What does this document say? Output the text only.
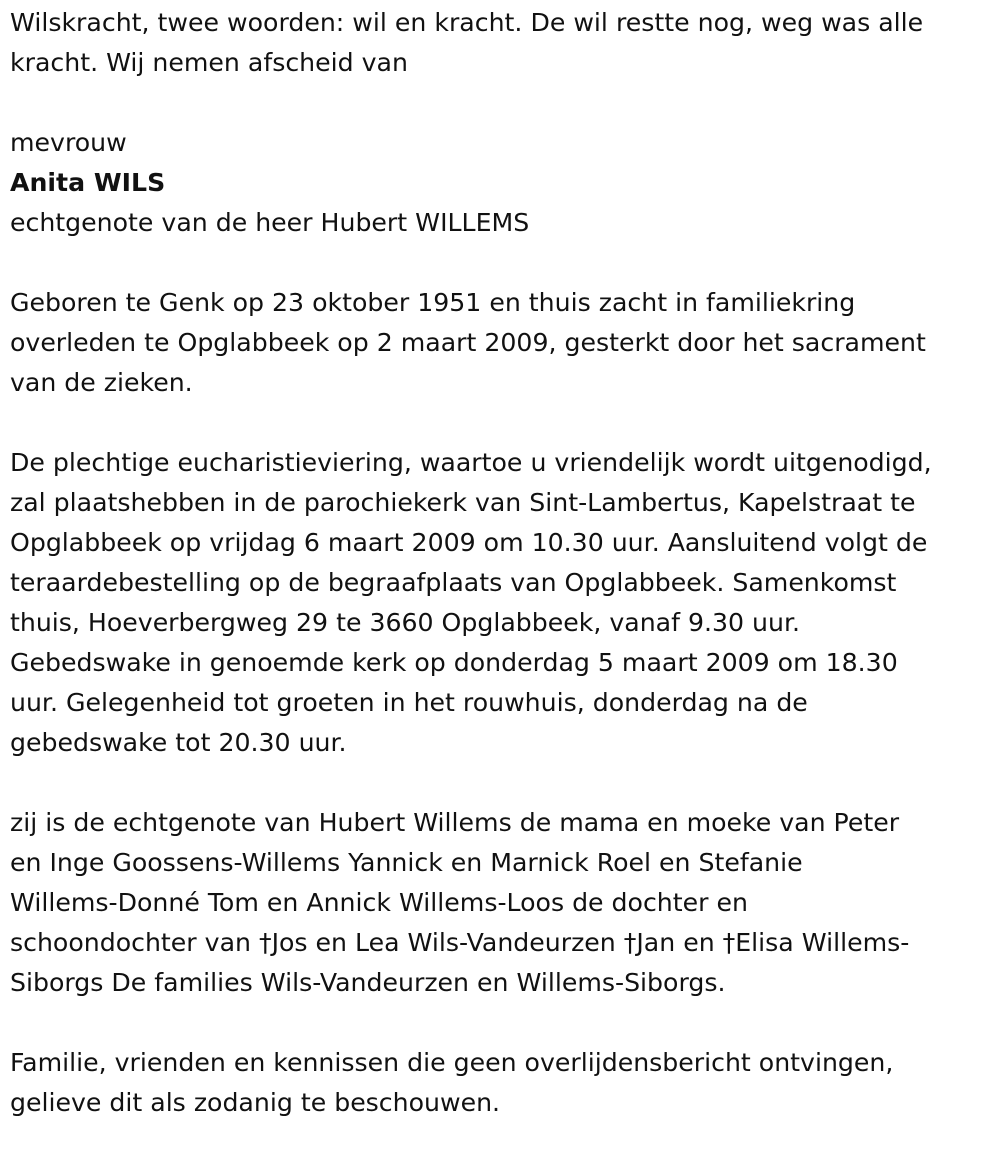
Wilskracht, twee woorden: wil en kracht. De wil restte nog, weg was alle
kracht. Wij nemen afscheid van

mevrouw

Anita WILS

echtgenote van de heer Hubert WILLEMS

Geboren te Genk op 23 oktober 1951 en thuis zacht in familiekring
overleden te Opglabbeek op 2 maart 2009, gesterkt door het sacrament
van de zieken.

De plechtige eucharistieviering, waartoe u vriendelijk wordt uitgenodigd,
zal plaatshebben in de parochiekerk van Sint-Lambertus, Kapelstraat te
Opglabbeek op vrijdag 6 maart 2009 om 10.30 uur. Aansluitend volgt de
teraardebestelling op de begraafplaats van Opglabbeek. Samenkomst
thuis, Hoeverbergweg 29 te 3660 Opglabbeek, vanaf 9.30 uur.
Gebedswake in genoemde kerk op donderdag 5 maart 2009 om 18.30
uur. Gelegenheid tot groeten in het rouwhuis, donderdag na de
gebedswake tot 20.30 uur.

zij is de echtgenote van Hubert Willems de mama en moeke van Peter
en Inge Goossens-Willems Yannick en Marnick Roel en Stefanie
Willems-Donné Tom en Annick Willems-Loos de dochter en
schoondochter van †Jos en Lea Wils-Vandeurzen †Jan en †Elisa Willems-
Siborgs De families Wils-Vandeurzen en Willems-Siborgs.

Familie, vrienden en kennissen die geen overlijdensbericht ontvingen,
gelieve dit als zodanig te beschouwen.
